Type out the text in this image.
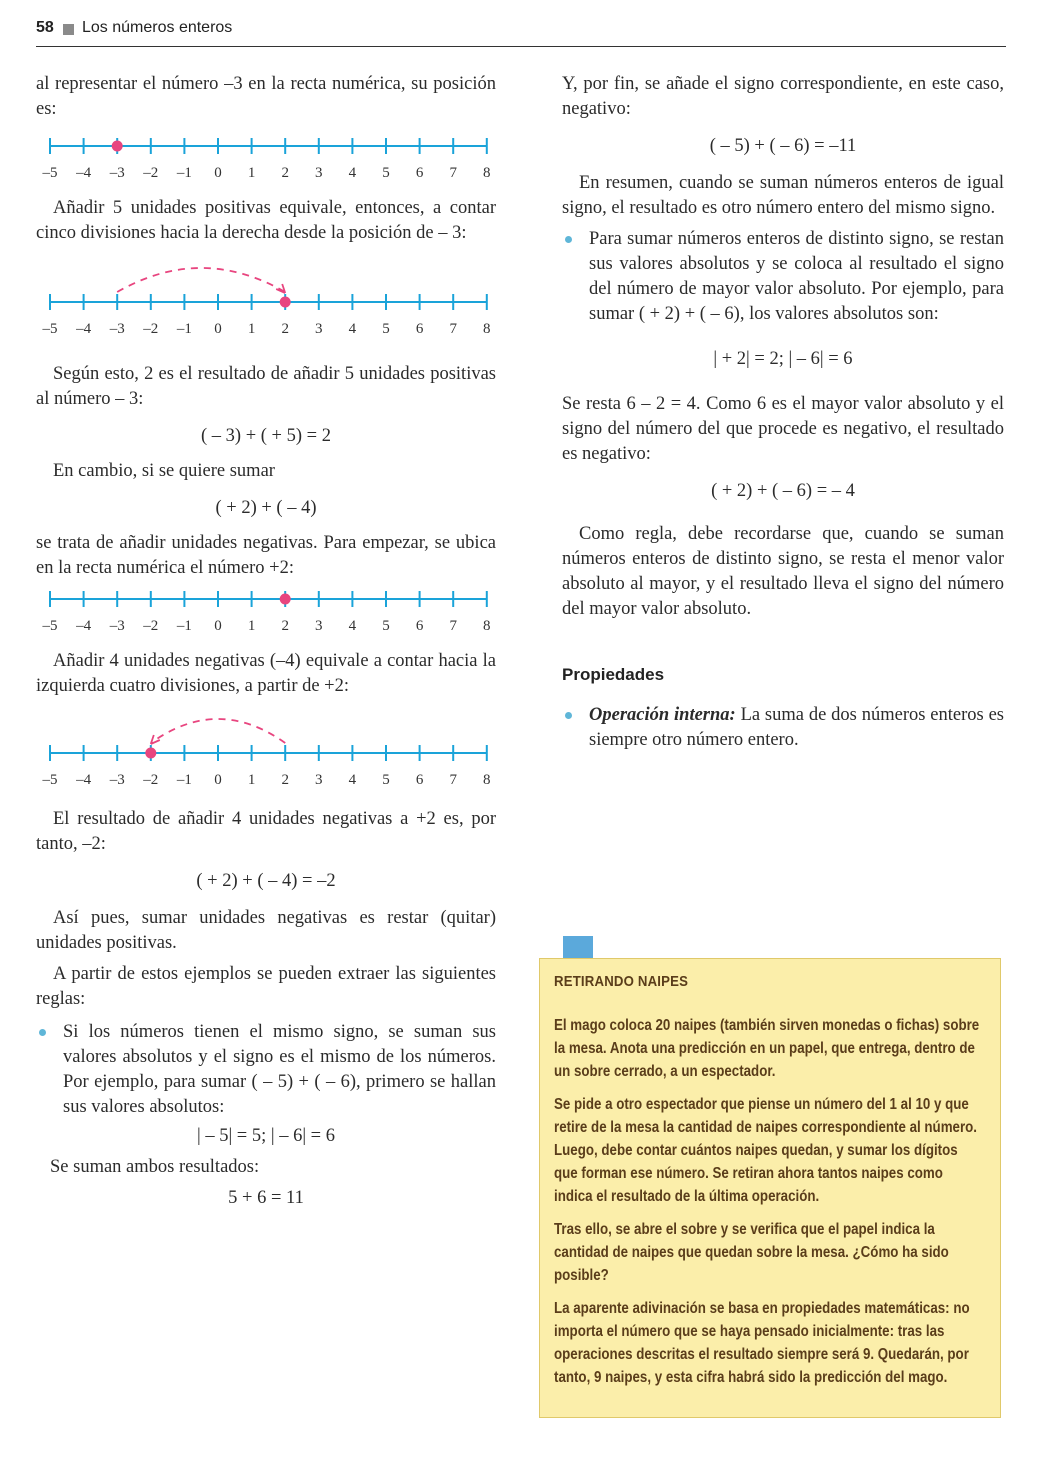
58 Los números enteros

al representar el número –3 en la recta numérica, su posición es:

–5	–4	–3	–2	–1	0	1	2	3	4	5	6	7	8

Añadir 5 unidades positivas equivale, entonces, a contar cinco divisiones hacia la derecha desde la posición de – 3:

–5	–4	–3	–2	–1	0	1	2	3	4	5	6	7	8

Según esto, 2 es el resultado de añadir 5 unidades positivas al número – 3:

( – 3) + ( + 5) = 2

En cambio, si se quiere sumar

( + 2) + ( – 4)

se trata de añadir unidades negativas. Para empezar, se ubica en la recta numérica el número +2:

–5	–4	–3	–2	–1	0	1	2	3	4	5	6	7	8

Añadir 4 unidades negativas (–4) equivale a contar hacia la izquierda cuatro divisiones, a partir de +2:

–5	–4	–3	–2	–1	0	1	2	3	4	5	6	7	8

El resultado de añadir 4 unidades negativas a +2 es, por tanto, –2:

( + 2) + ( – 4) = –2

Así pues, sumar unidades negativas es restar (quitar) unidades positivas.

A partir de estos ejemplos se pueden extraer las siguientes reglas:

Si los números tienen el mismo signo, se suman sus valores absolutos y el signo es el mismo de los números. Por ejemplo, para sumar ( – 5) + ( – 6), primero se hallan sus valores absolutos:

| – 5| = 5; | – 6| = 6

Se suman ambos resultados:

5 + 6 = 11

Y, por fin, se añade el signo correspondiente, en este caso, negativo:

( – 5) + ( – 6) = –11

En resumen, cuando se suman números enteros de igual signo, el resultado es otro número entero del mismo signo.

Para sumar números enteros de distinto signo, se restan sus valores absolutos y se coloca al resultado el signo del número de mayor valor absoluto. Por ejemplo, para sumar ( + 2) + ( – 6), los valores absolutos son:

| + 2| = 2; | – 6| = 6

Se resta 6 – 2 = 4. Como 6 es el mayor valor absoluto y el signo del número del que procede es negativo, el resultado es negativo:

( + 2) + ( – 6) = – 4

Como regla, debe recordarse que, cuando se suman números enteros de distinto signo, se resta el menor valor absoluto al mayor, y el resultado lleva el signo del número del mayor valor absoluto.

Propiedades

Operación interna: La suma de dos números enteros es siempre otro número entero.
RETIRANDO NAIPES

El mago coloca 20 naipes (también sirven monedas o fichas) sobre la mesa. Anota una predicción en un papel, que entrega, dentro de un sobre cerrado, a un espectador.

Se pide a otro espectador que piense un número del 1 al 10 y que retire de la mesa la cantidad de naipes correspondiente al número. Luego, debe contar cuántos naipes quedan, y sumar los dígitos que forman ese número. Se retiran ahora tantos naipes como indica el resultado de la última operación.

Tras ello, se abre el sobre y se verifica que el papel indica la cantidad de naipes que quedan sobre la mesa. ¿Cómo ha sido posible?

La aparente adivinación se basa en propiedades matemáticas: no importa el número que se haya pensado inicialmente: tras las operaciones descritas el resultado siempre será 9. Quedarán, por tanto, 9 naipes, y esta cifra habrá sido la predicción del mago.
